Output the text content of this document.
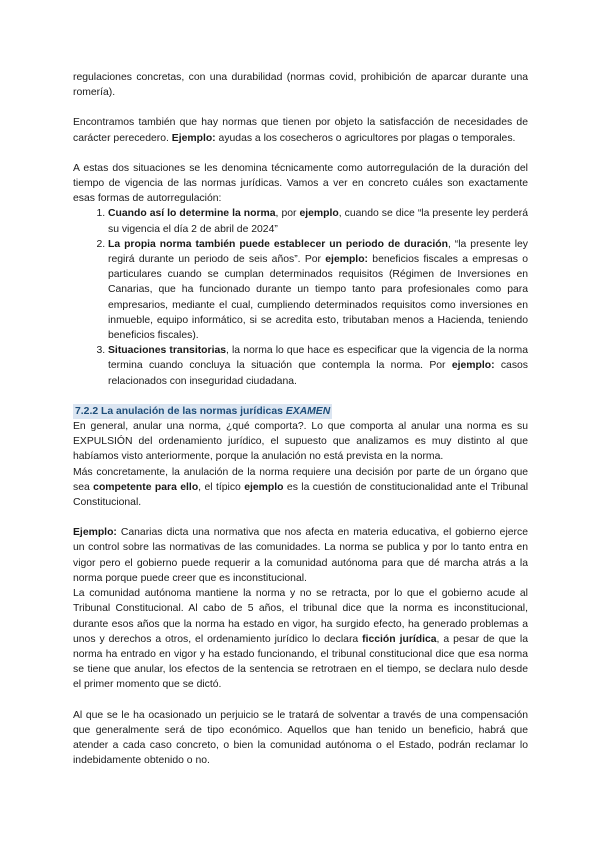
regulaciones concretas, con una durabilidad (normas covid, prohibición de aparcar durante una romería).

Encontramos también que hay normas que tienen por objeto la satisfacción de necesidades de carácter perecedero. Ejemplo: ayudas a los cosecheros o agricultores por plagas o temporales.

A estas dos situaciones se les denomina técnicamente como autorregulación de la duración del tiempo de vigencia de las normas jurídicas. Vamos a ver en concreto cuáles son exactamente esas formas de autorregulación:

1. Cuando así lo determine la norma, por ejemplo, cuando se dice “la presente ley perderá su vigencia el día 2 de abril de 2024”
2. La propia norma también puede establecer un periodo de duración, “la presente ley regirá durante un periodo de seis años”. Por ejemplo: beneficios fiscales a empresas o particulares cuando se cumplan determinados requisitos (Régimen de Inversiones en Canarias, que ha funcionado durante un tiempo tanto para profesionales como para empresarios, mediante el cual, cumpliendo determinados requisitos como inversiones en inmueble, equipo informático, si se acredita esto, tributaban menos a Hacienda, teniendo beneficios fiscales).
3. Situaciones transitorias, la norma lo que hace es especificar que la vigencia de la norma termina cuando concluya la situación que contempla la norma. Por ejemplo: casos relacionados con inseguridad ciudadana.
7.2.2 La anulación de las normas jurídicas EXAMEN

En general, anular una norma, ¿qué comporta?. Lo que comporta al anular una norma es su EXPULSIÓN del ordenamiento jurídico, el supuesto que analizamos es muy distinto al que habíamos visto anteriormente, porque la anulación no está prevista en la norma.

Más concretamente, la anulación de la norma requiere una decisión por parte de un órgano que sea competente para ello, el típico ejemplo es la cuestión de constitucionalidad ante el Tribunal Constitucional.

Ejemplo: Canarias dicta una normativa que nos afecta en materia educativa, el gobierno ejerce un control sobre las normativas de las comunidades. La norma se publica y por lo tanto entra en vigor pero el gobierno puede requerir a la comunidad autónoma para que dé marcha atrás a la norma porque puede creer que es inconstitucional.

La comunidad autónoma mantiene la norma y no se retracta, por lo que el gobierno acude al Tribunal Constitucional. Al cabo de 5 años, el tribunal dice que la norma es inconstitucional, durante esos años que la norma ha estado en vigor, ha surgido efecto, ha generado problemas a unos y derechos a otros, el ordenamiento jurídico lo declara ficción jurídica, a pesar de que la norma ha entrado en vigor y ha estado funcionando, el tribunal constitucional dice que esa norma se tiene que anular, los efectos de la sentencia se retrotraen en el tiempo, se declara nulo desde el primer momento que se dictó.

Al que se le ha ocasionado un perjuicio se le tratará de solventar a través de una compensación que generalmente será de tipo económico. Aquellos que han tenido un beneficio, habrá que atender a cada caso concreto, o bien la comunidad autónoma o el Estado, podrán reclamar lo indebidamente obtenido o no.
